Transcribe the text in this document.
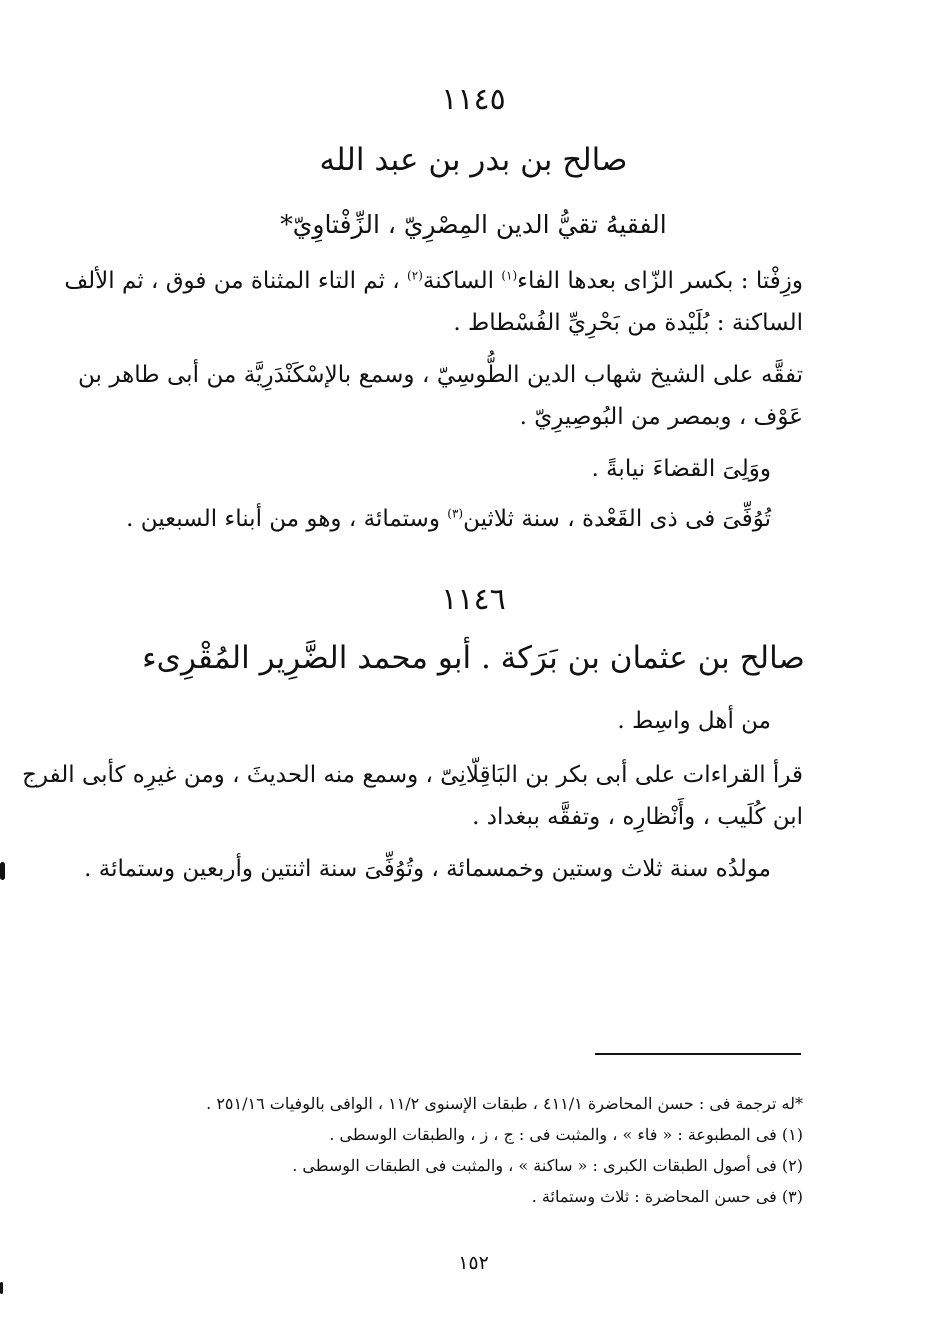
١١٤٥
صالح بن بدر بن عبد الله
الفقيهُ تقيُّ الدين المِصْرِيّ ، الزِّفْتاوِيّ*
وزِفْتا : بكسر الزّاى بعدها الفاء$^{(١)}$ الساكنة$^{(٢)}$ ، ثم التاء المثناة من فوق ، ثم الألف
الساكنة : بُلَيْدة من بَحْرِيِّ الفُسْطاط .
تفقَّه على الشيخ شهاب الدين الطُّوسِيّ ، وسمع بالإسْكَنْدَرِيَّة من أبى طاهر بن
عَوْف ، وبمصر من البُوصِيرِيّ .
ووَلِىَ القضاءَ نيابةً .
تُوُفِّىَ فى ذى القَعْدة ، سنة ثلاثين$^{(٣)}$ وستمائة ، وهو من أبناء السبعين .
١١٤٦
صالح بن عثمان بن بَرَكة . أبو محمد الضَّرِير المُقْرِىء
من أهل واسِط .
قرأ القراءات على أبى بكر بن البَاقِلّانِىّ ، وسمع منه الحديثَ ، ومن غيرِه كأبى الفرج
ابن كُلَيب ، وأَنْظارِه ، وتفقَّه ببغداد .
مولدُه سنة ثلاث وستين وخمسمائة ، وتُوُفِّىَ سنة اثنتين وأربعين وستمائة .
*له ترجمة فى : حسن المحاضرة ٤١١/١ ، طبقات الإسنوى ١١/٢ ، الوافى بالوفيات ٢٥١/١٦ .
(١) فى المطبوعة : « فاء » ، والمثبت فى : ج ، ز ، والطبقات الوسطى .
(٢) فى أصول الطبقات الكبرى : « ساكنة » ، والمثبت فى الطبقات الوسطى .
(٣) فى حسن المحاضرة : ثلاث وستمائة .
١٥٢
